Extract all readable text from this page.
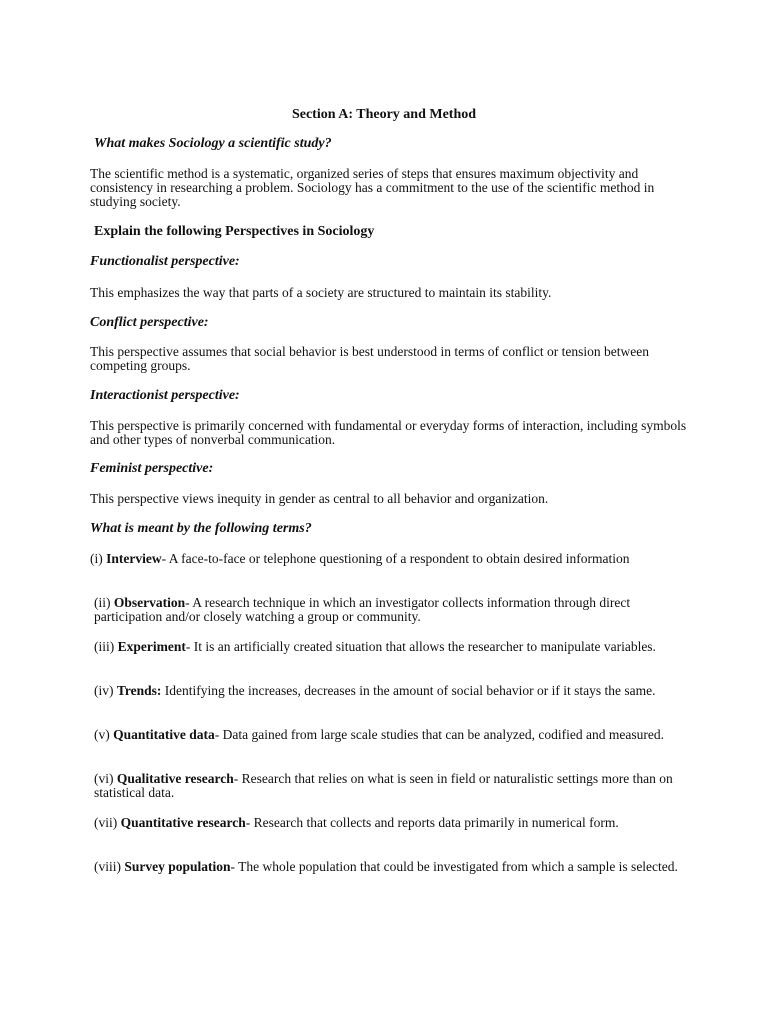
Section A: Theory and Method
What makes Sociology a scientific study?

The scientific method is a systematic, organized series of steps that ensures maximum objectivity and consistency in researching a problem. Sociology has a commitment to the use of the scientific method in studying society.

Explain the following Perspectives in Sociology
Functionalist perspective:

This emphasizes the way that parts of a society are structured to maintain its stability.

Conflict perspective:

This perspective assumes that social behavior is best understood in terms of conflict or tension between competing groups.

Interactionist perspective:

This perspective is primarily concerned with fundamental or everyday forms of interaction, including symbols and other types of nonverbal communication.

Feminist perspective:

This perspective views inequity in gender as central to all behavior and organization.

What is meant by the following terms?

(i) Interview- A face-to-face or telephone questioning of a respondent to obtain desired information

(ii) Observation- A research technique in which an investigator collects information through direct participation and/or closely watching a group or community.

(iii) Experiment- It is an artificially created situation that allows the researcher to manipulate variables.

(iv) Trends: Identifying the increases, decreases in the amount of social behavior or if it stays the same.

(v) Quantitative data- Data gained from large scale studies that can be analyzed, codified and measured.

(vi) Qualitative research- Research that relies on what is seen in field or naturalistic settings more than on statistical data.

(vii) Quantitative research- Research that collects and reports data primarily in numerical form.

(viii) Survey population- The whole population that could be investigated from which a sample is selected.
